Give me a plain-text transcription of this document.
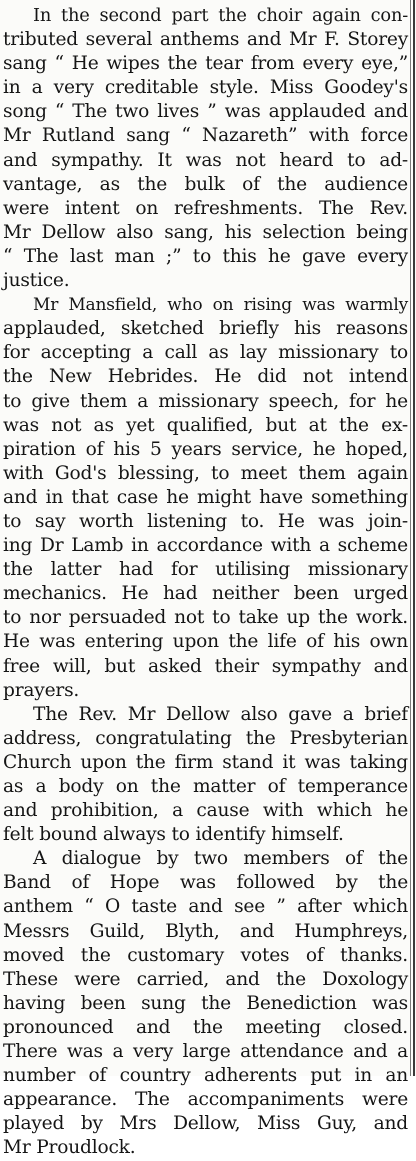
In the second part the choir again con-
tributed several anthems and Mr F. Storey
sang “ He wipes the tear from every eye,”
in a very creditable style. Miss Goodey's
song “ The two lives ” was applauded and
Mr Rutland sang “ Nazareth” with force
and sympathy. It was not heard to ad-
vantage, as the bulk of the audience
were intent on refreshments. The Rev.
Mr Dellow also sang, his selection being
“ The last man ;” to this he gave every
justice.
Mr Mansfield, who on rising was warmly
applauded, sketched briefly his reasons
for accepting a call as lay missionary to
the New Hebrides. He did not intend
to give them a missionary speech, for he
was not as yet qualified, but at the ex-
piration of his 5 years service, he hoped,
with God's blessing, to meet them again
and in that case he might have something
to say worth listening to. He was join-
ing Dr Lamb in accordance with a scheme
the latter had for utilising missionary
mechanics. He had neither been urged
to nor persuaded not to take up the work.
He was entering upon the life of his own
free will, but asked their sympathy and
prayers.
The Rev. Mr Dellow also gave a brief
address, congratulating the Presbyterian
Church upon the firm stand it was taking
as a body on the matter of temperance
and prohibition, a cause with which he
felt bound always to identify himself.
A dialogue by two members of the
Band of Hope was followed by the
anthem “ O taste and see ” after which
Messrs Guild, Blyth, and Humphreys,
moved the customary votes of thanks.
These were carried, and the Doxology
having been sung the Benediction was
pronounced and the meeting closed.
There was a very large attendance and a
number of country adherents put in an
appearance. The accompaniments were
played by Mrs Dellow, Miss Guy, and
Mr Proudlock.
